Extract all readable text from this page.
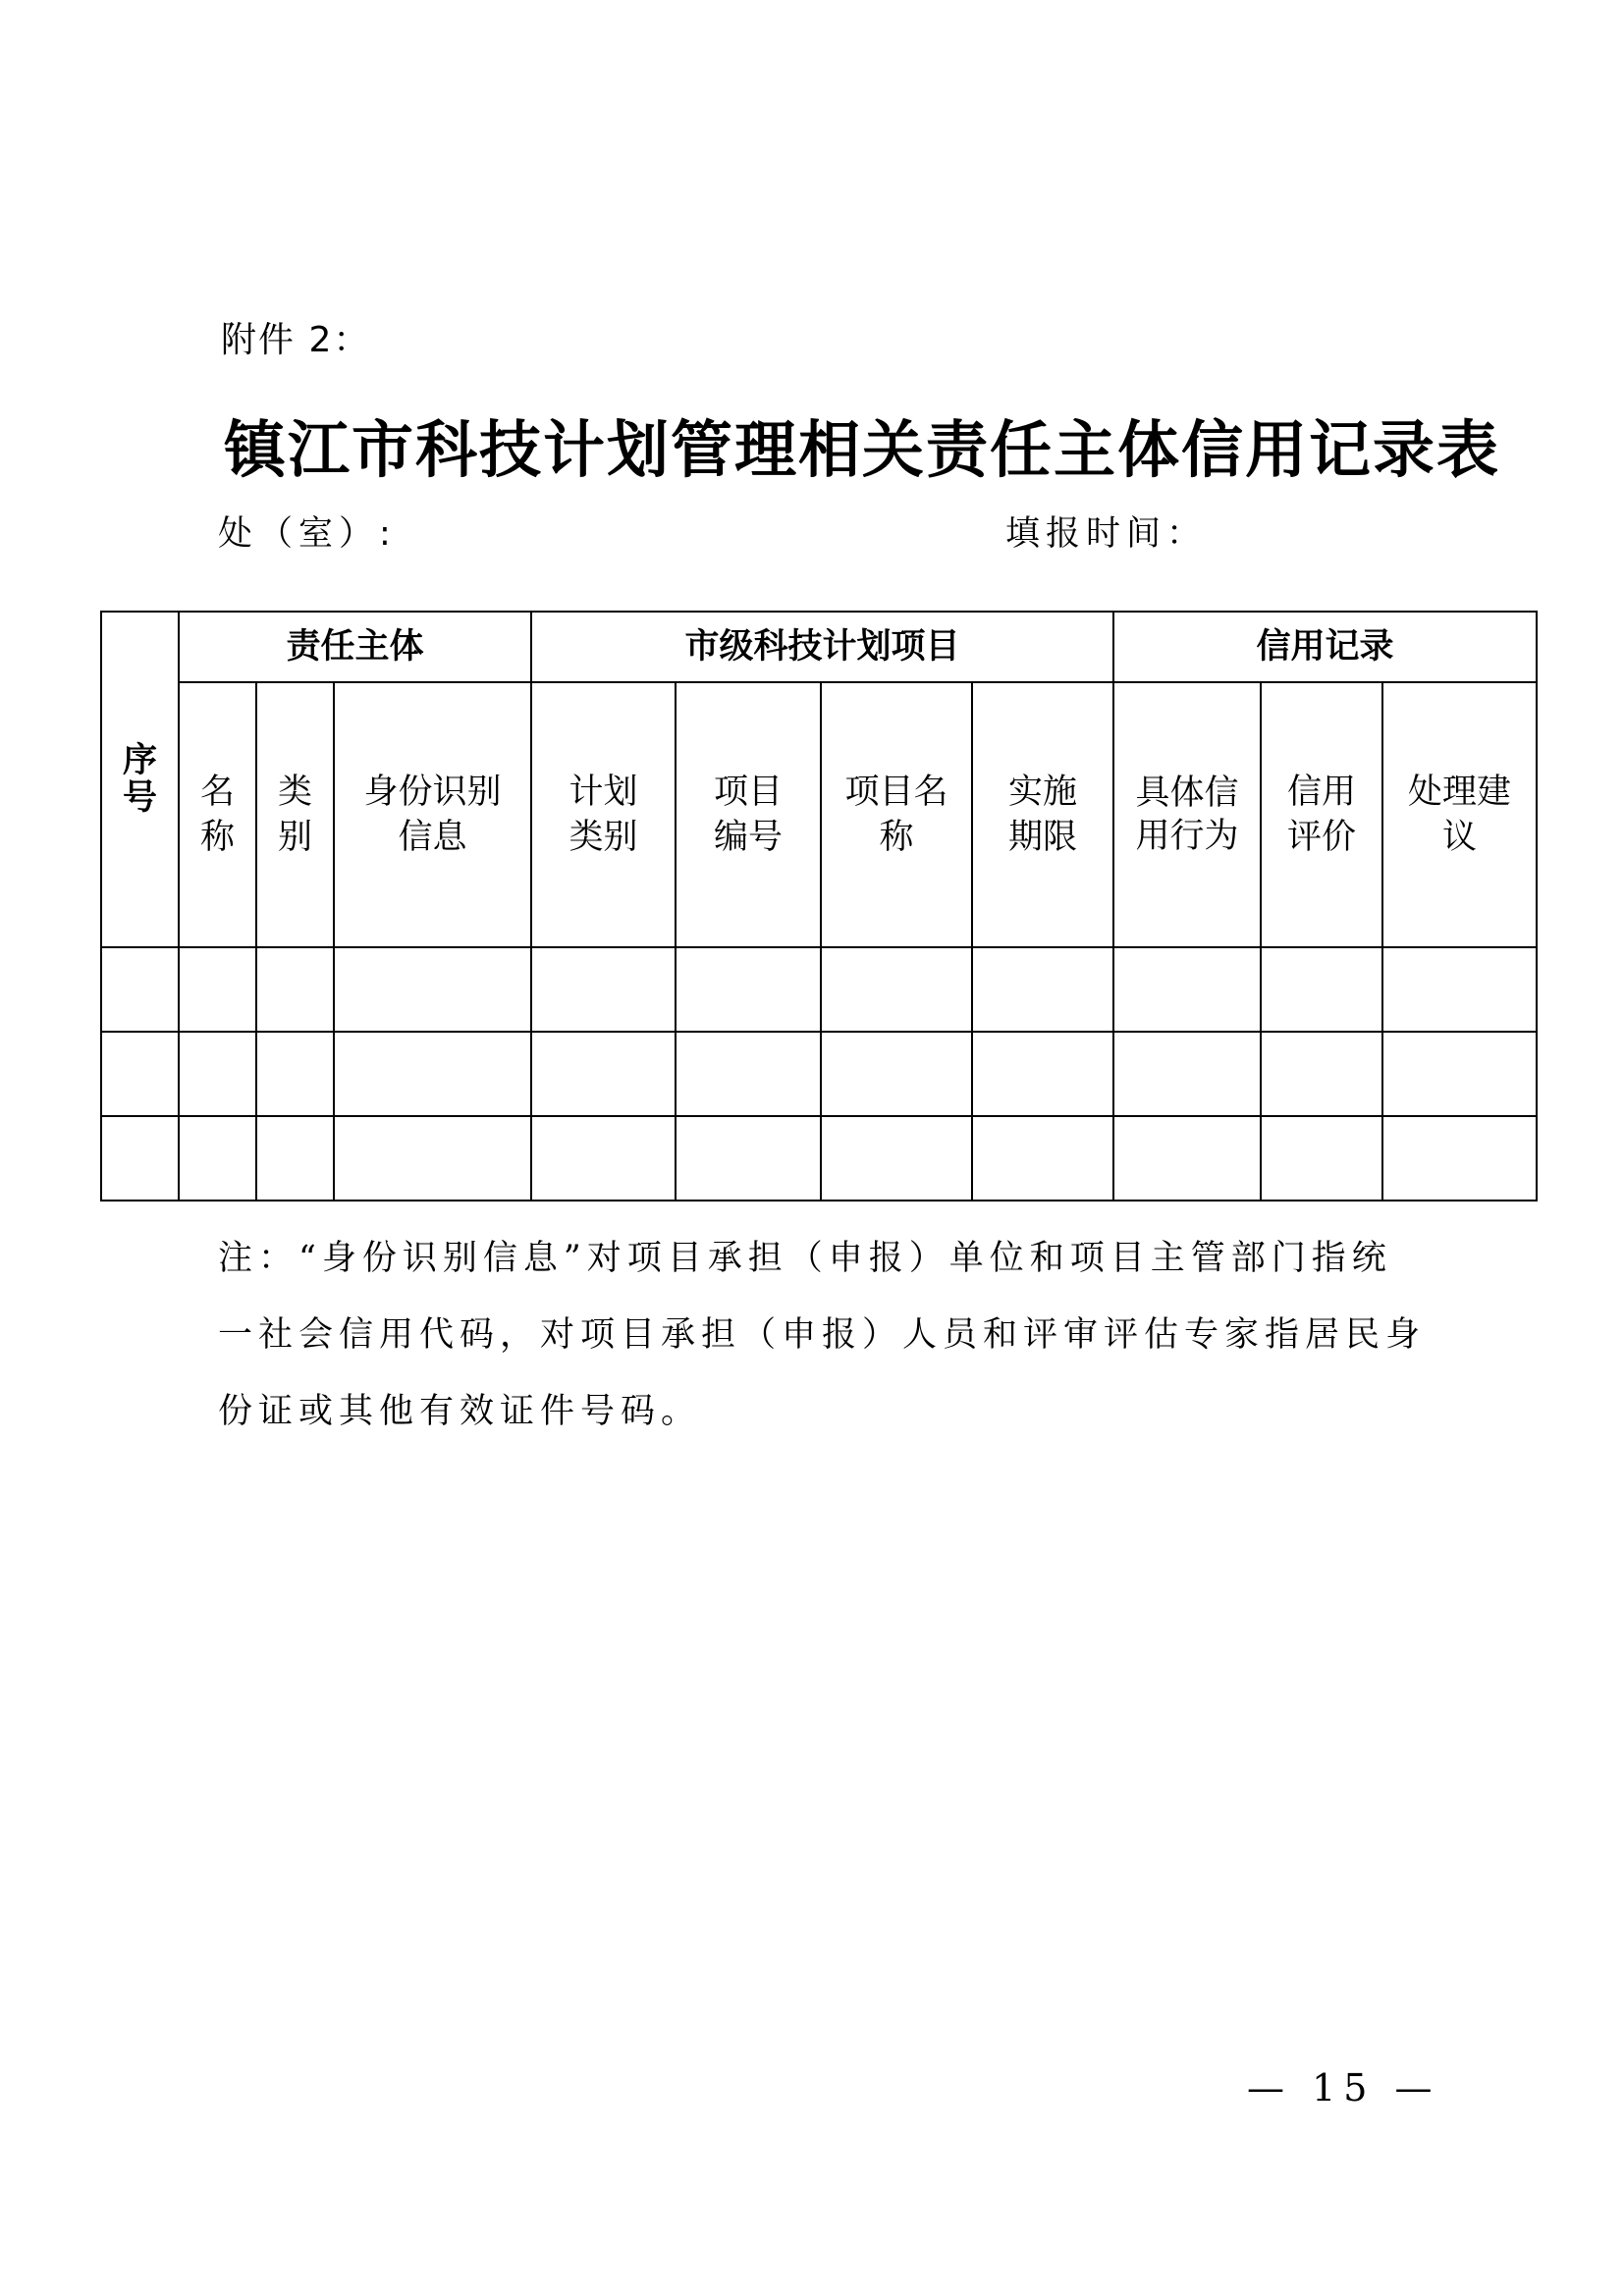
附件 2：
镇江市科技计划管理相关责任主体信用记录表
处（室）:	填报时间：
序号	责任主体			市级科技计划项目				信用记录		
	名称	类别	身份识别信息	计划类别	项目编号	项目名称	实施期限	具体信用行为	信用评价	处理建议

注：“身份识别信息”对项目承担（申报）单位和项目主管部门指统一社会信用代码，对项目承担（申报）人员和评审评估专家指居民身份证或其他有效证件号码。
— 15 —
